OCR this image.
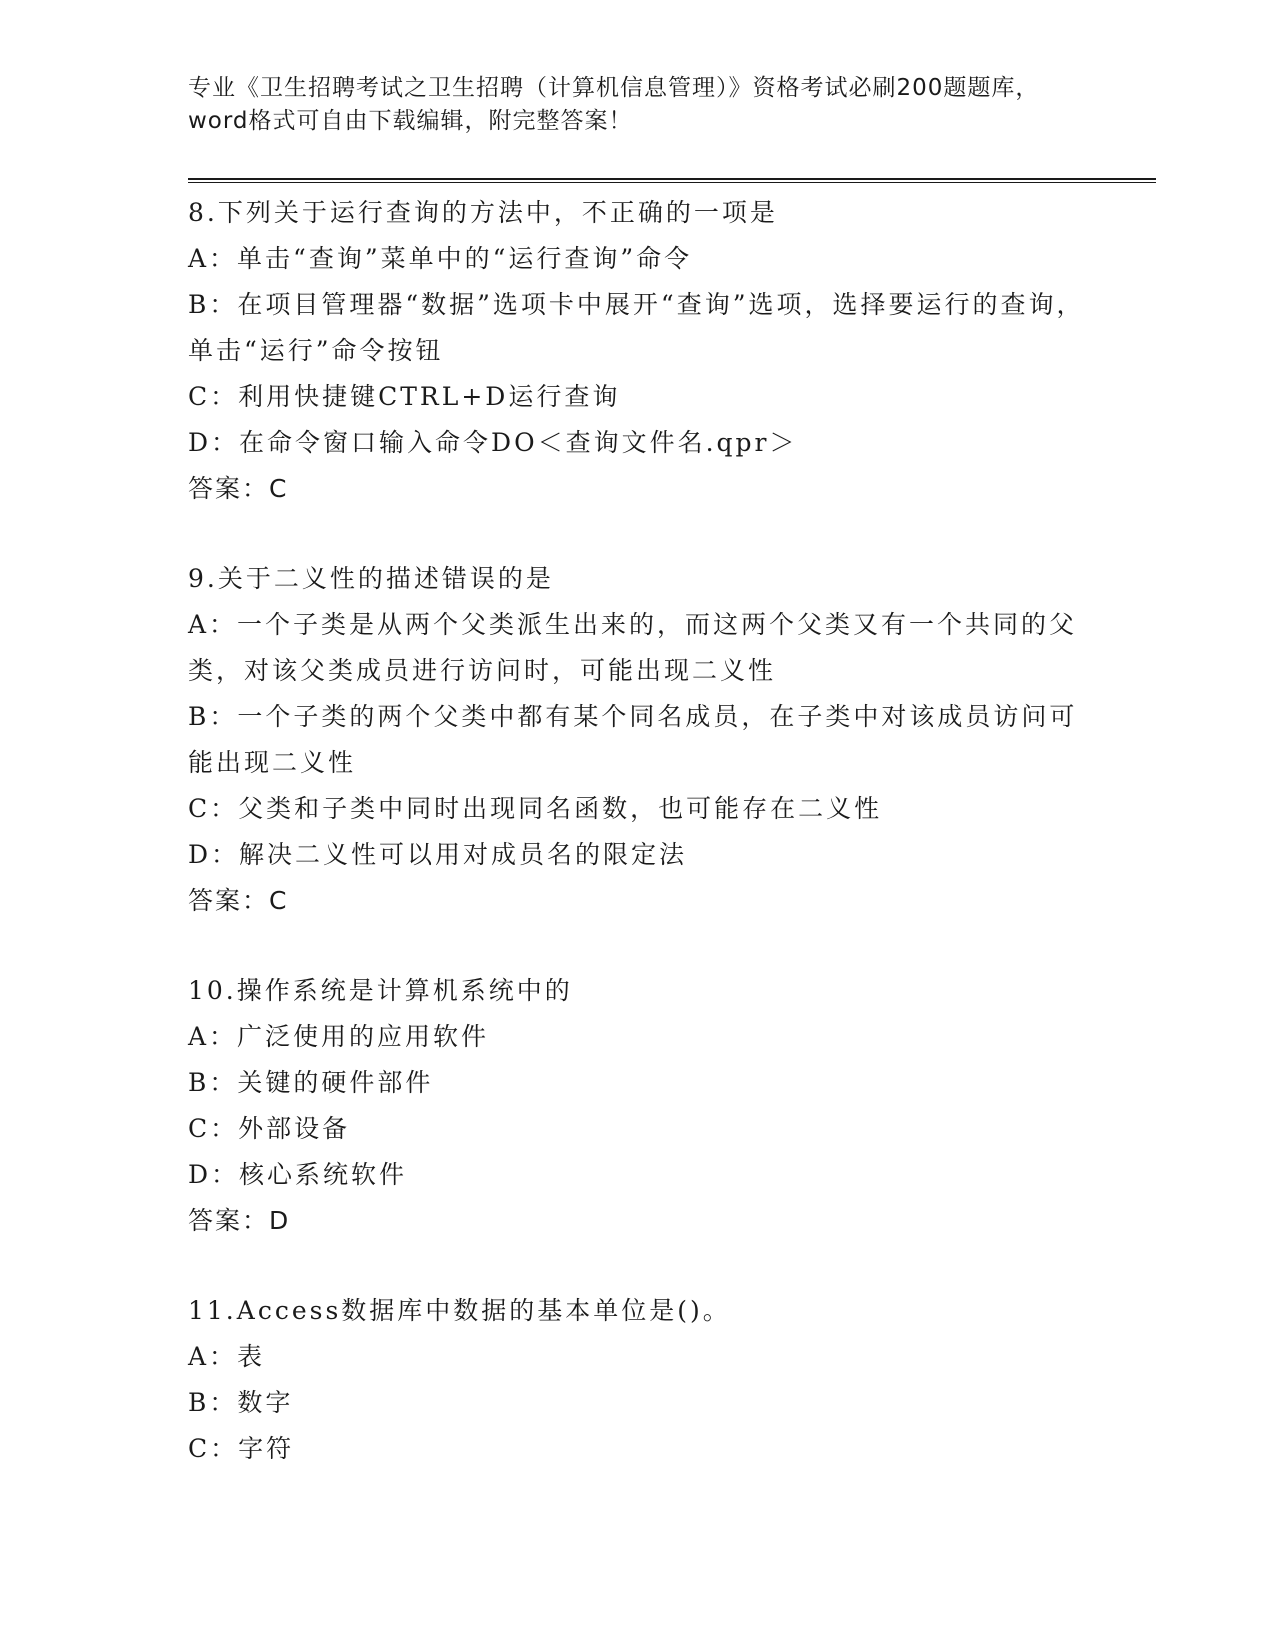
专业《卫生招聘考试之卫生招聘（计算机信息管理）》资格考试必刷200题题库，
word格式可自由下载编辑，附完整答案！
8.下列关于运行查询的方法中，不正确的一项是
A：单击“查询”菜单中的“运行查询”命令
B：在项目管理器“数据”选项卡中展开“查询”选项，选择要运行的查询，单击“运行”命令按钮
C：利用快捷键CTRL+D运行查询
D：在命令窗口输入命令DO＜查询文件名.qpr＞
答案：C
9.关于二义性的描述错误的是
A：一个子类是从两个父类派生出来的，而这两个父类又有一个共同的父类，对该父类成员进行访问时，可能出现二义性
B：一个子类的两个父类中都有某个同名成员，在子类中对该成员访问可能出现二义性
C：父类和子类中同时出现同名函数，也可能存在二义性
D：解决二义性可以用对成员名的限定法
答案：C
10.操作系统是计算机系统中的
A：广泛使用的应用软件
B：关键的硬件部件
C：外部设备
D：核心系统软件
答案：D
11.Access数据库中数据的基本单位是()。
A：表
B：数字
C：字符
